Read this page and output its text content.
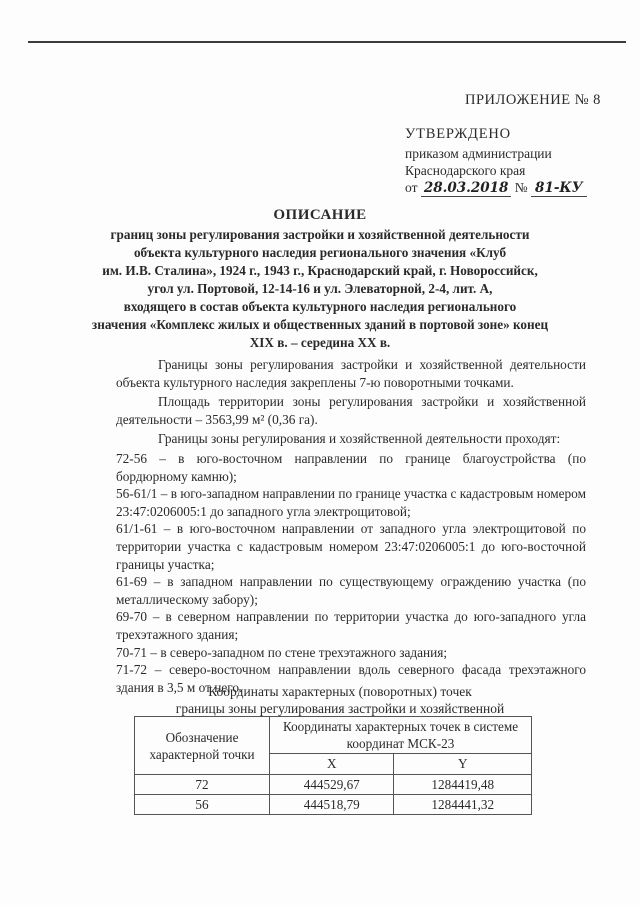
ПРИЛОЖЕНИЕ № 8
УТВЕРЖДЕНО
приказом администрации
Краснодарского края
от 28.03.2018 № 81-КУ
ОПИСАНИЕ
границ зоны регулирования застройки и хозяйственной деятельности
объекта культурного наследия регионального значения «Клуб
им. И.В. Сталина», 1924 г., 1943 г., Краснодарский край, г. Новороссийск,
угол ул. Портовой, 12-14-16 и ул. Элеваторной, 2-4, лит. А,
входящего в состав объекта культурного наследия регионального
значения «Комплекс жилых и общественных зданий в портовой зоне» конец
XIX в. – середина XX в.

Границы зоны регулирования застройки и хозяйственной деятельности объекта культурного наследия закреплены 7-ю поворотными точками.

Площадь территории зоны регулирования застройки и хозяйственной деятельности – 3563,99 м² (0,36 га).

Границы зоны регулирования и хозяйственной деятельности проходят:

72-56 – в юго-восточном направлении по границе благоустройства (по бордюрному камню);

56-61/1 – в юго-западном направлении по границе участка с кадастровым номером 23:47:0206005:1 до западного угла электрощитовой;

61/1-61 – в юго-восточном направлении от западного угла электрощитовой по территории участка с кадастровым номером 23:47:0206005:1 до юго-восточной границы участка;

61-69 – в западном направлении по существующему ограждению участка (по металлическому забору);

69-70 – в северном направлении по территории участка до юго-западного угла трехэтажного здания;

70-71 – в северо-западном по стене трехэтажного задания;

71-72 – северо-восточном направлении вдоль северного фасада трехэтажного здания в 3,5 м от него.

Координаты характерных (поворотных) точек
границы зоны регулирования застройки и хозяйственной
Обозначение характерной точки	Координаты характерных точек в системе координат МСК-23	
	X	Y
72	444529,67	1284419,48
56	444518,79	1284441,32
